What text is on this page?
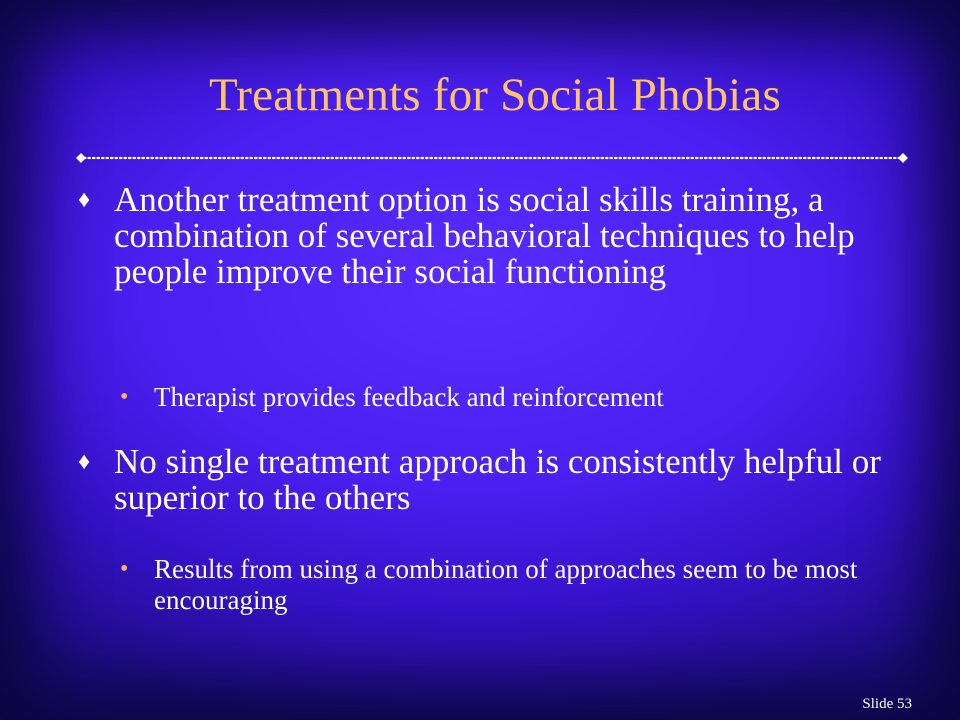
Treatments for Social Phobias
♦ Another treatment option is social skills training, a combination of several behavioral techniques to help people improve their social functioning
• Therapist provides feedback and reinforcement
♦ No single treatment approach is consistently helpful or superior to the others
• Results from using a combination of approaches seem to be most encouraging
Slide 53
